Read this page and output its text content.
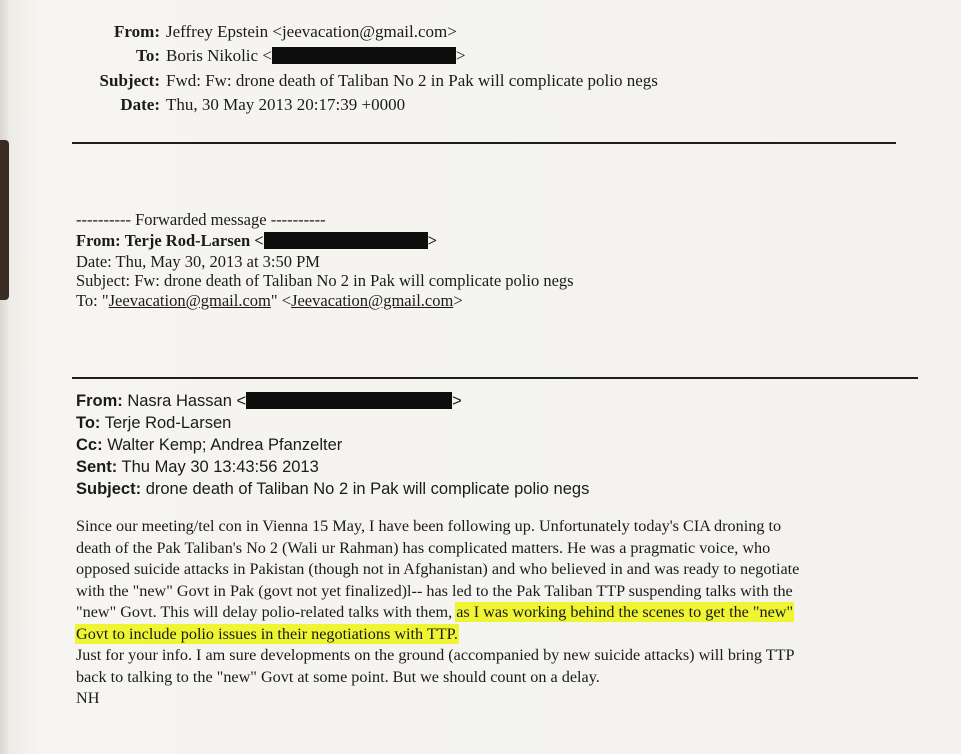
From: Jeffrey Epstein <jeevacation@gmail.com>
To: Boris Nikolic <	>
Subject: Fwd: Fw: drone death of Taliban No 2 in Pak will complicate polio negs
Date: Thu, 30 May 2013 20:17:39 +0000
---------- Forwarded message ----------
From: Terje Rod-Larsen <	>
Date: Thu, May 30, 2013 at 3:50 PM
Subject: Fw: drone death of Taliban No 2 in Pak will complicate polio negs
To: "Jeevacation@gmail.com" <Jeevacation@gmail.com>
From: Nasra Hassan <	>
To: Terje Rod-Larsen
Cc: Walter Kemp; Andrea Pfanzelter
Sent: Thu May 30 13:43:56 2013
Subject: drone death of Taliban No 2 in Pak will complicate polio negs
Since our meeting/tel con in Vienna 15 May, I have been following up. Unfortunately today's CIA droning to
death of the Pak Taliban's No 2 (Wali ur Rahman) has complicated matters. He was a pragmatic voice, who
opposed suicide attacks in Pakistan (though not in Afghanistan) and who believed in and was ready to negotiate
with the "new" Govt in Pak (govt not yet finalized)l-- has led to the Pak Taliban TTP suspending talks with the
"new" Govt. This will delay polio-related talks with them, as I was working behind the scenes to get the "new"
Govt to include polio issues in their negotiations with TTP.
Just for your info. I am sure developments on the ground (accompanied by new suicide attacks) will bring TTP
back to talking to the "new" Govt at some point. But we should count on a delay.
NH
